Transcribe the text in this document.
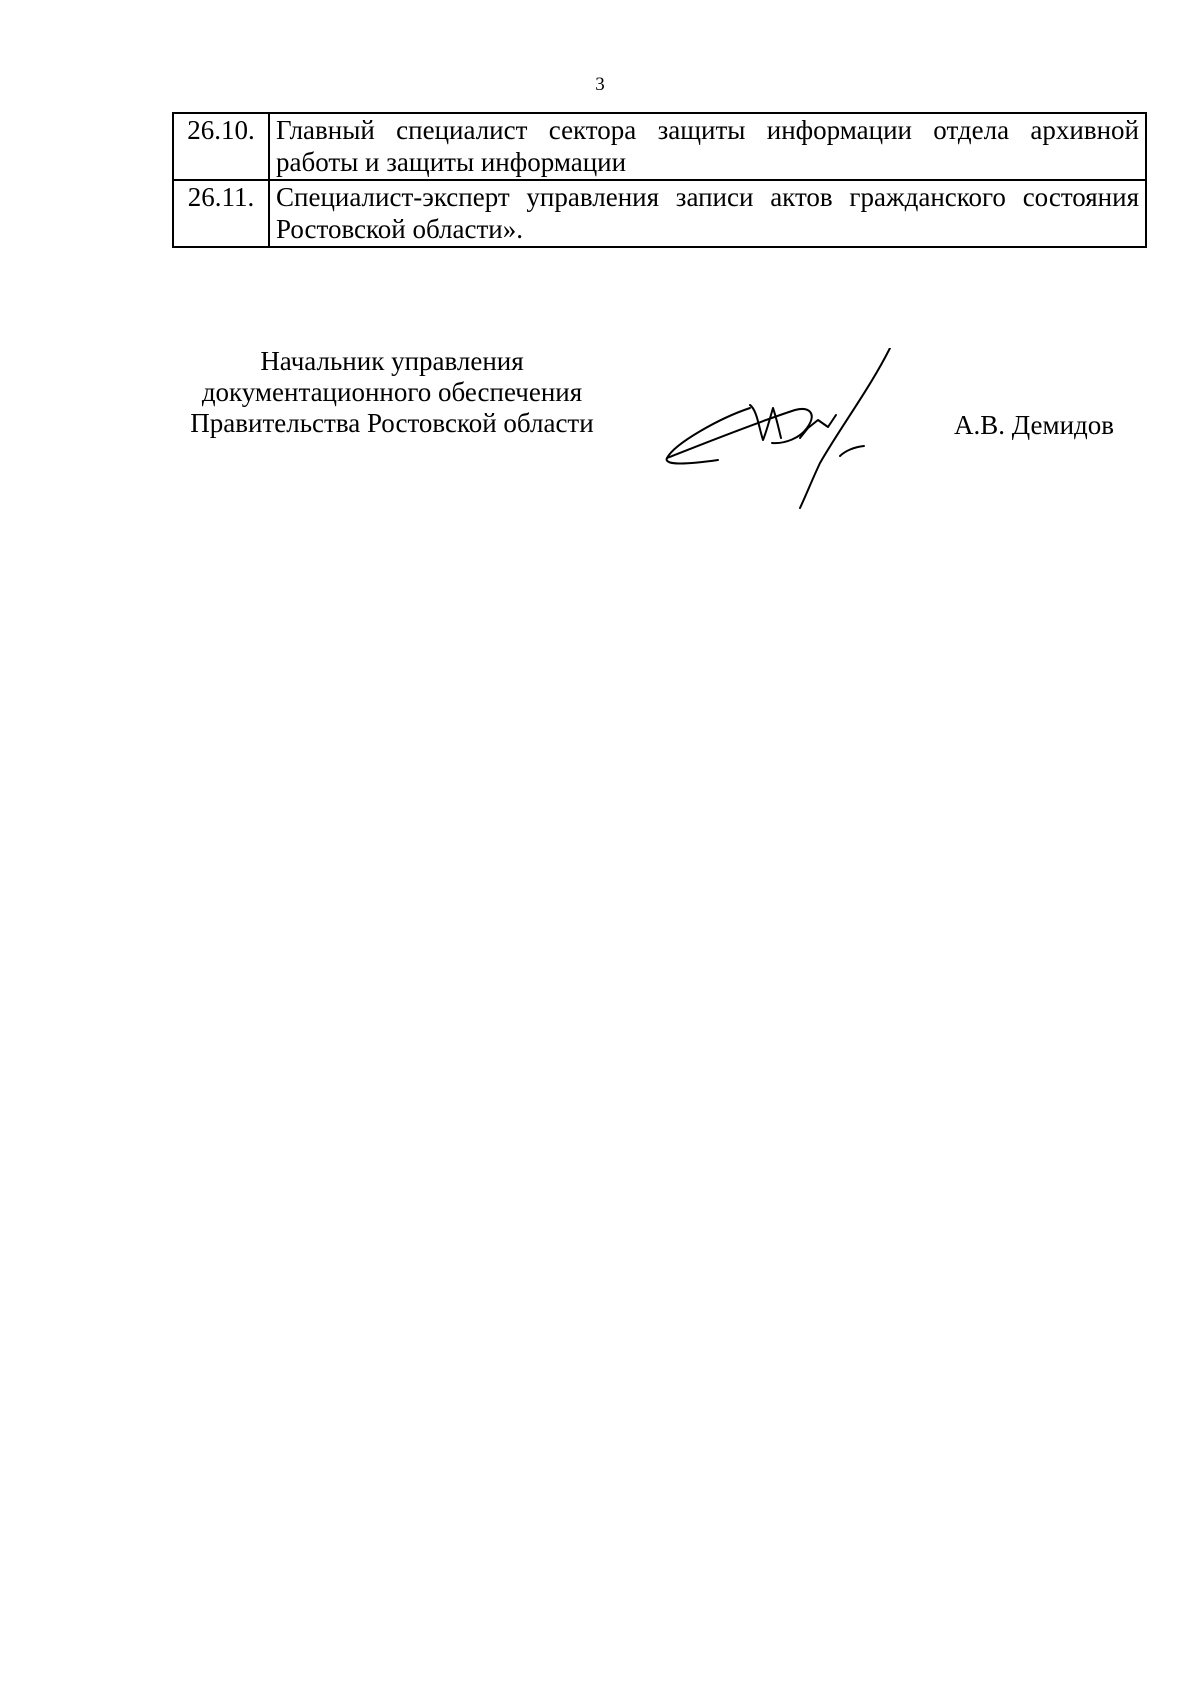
3
26.10.	Главный специалист сектора защиты информации отдела архивной работы и защиты информации
26.11.	Специалист-эксперт управления записи актов гражданского состояния Ростовской области».
Начальник управления
документационного обеспечения
Правительства Ростовской области	А.В. Демидов
